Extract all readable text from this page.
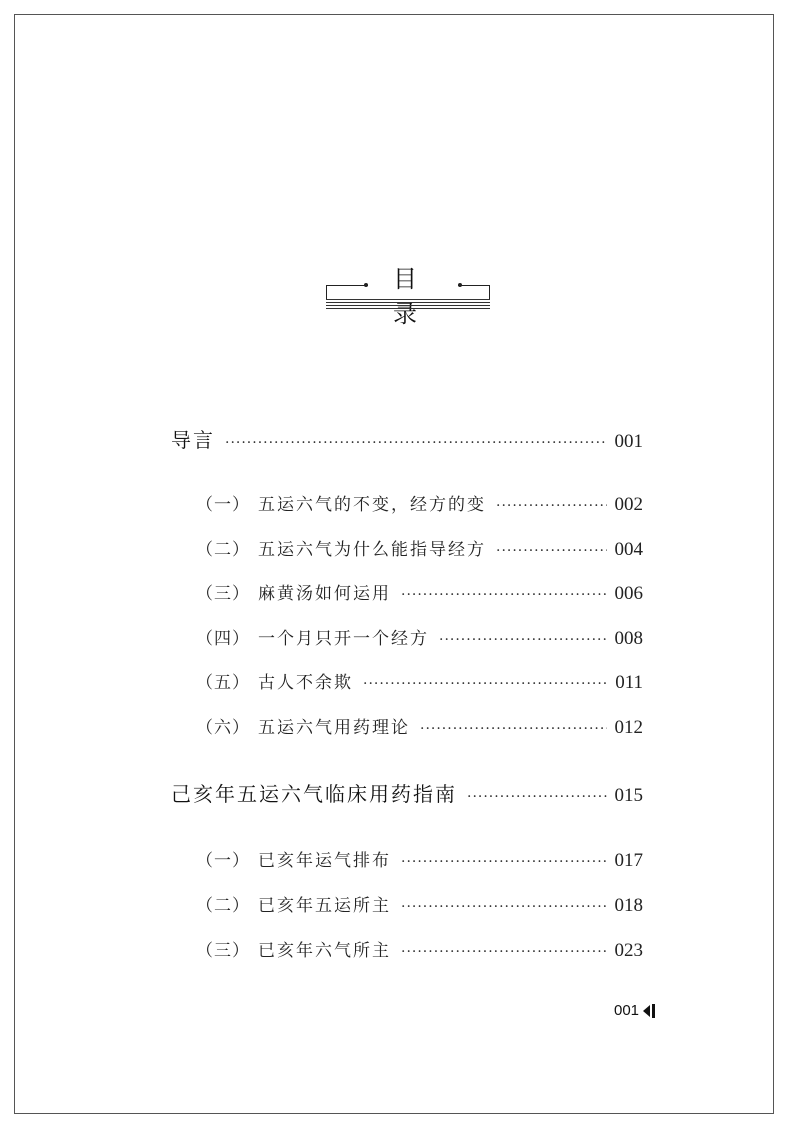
目 录
导言 ·····	001
（一） 五运六气的不变，经方的变 ·····	002
（二） 五运六气为什么能指导经方 ·····	004
（三） 麻黄汤如何运用 ·····	006
（四） 一个月只开一个经方 ·····	008
（五） 古人不余欺 ·····	011
（六） 五运六气用药理论 ·····	012
己亥年五运六气临床用药指南 ·····	015
（一） 已亥年运气排布 ·····	017
（二） 已亥年五运所主 ·····	018
（三） 已亥年六气所主 ·····	023
001
